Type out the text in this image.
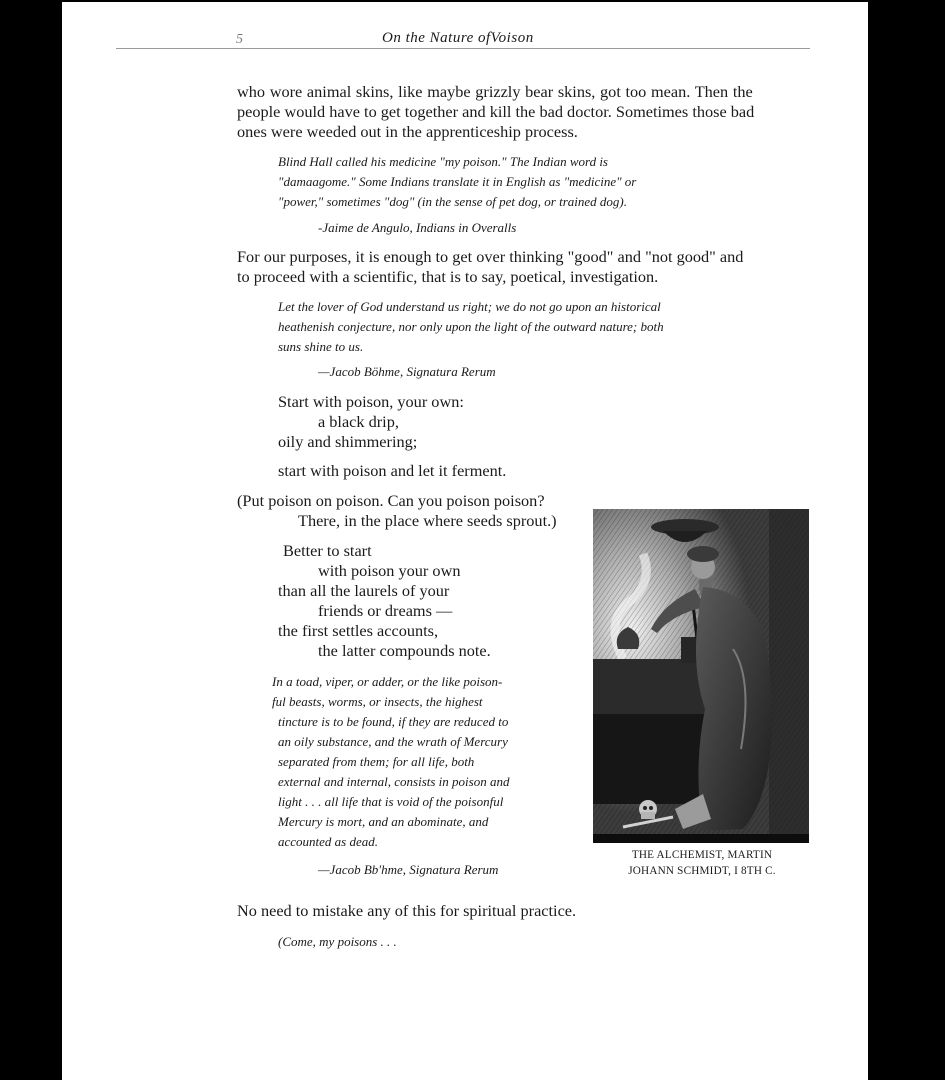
5	On the Nature ofVoison
who wore animal skins, like maybe grizzly bear skins, got too mean. Then the
people would have to get together and kill the bad doctor. Sometimes those bad
ones were weeded out in the apprenticeship process.
Blind Hall called his medicine "my poison." The Indian word is
"damaagome." Some Indians translate it in English as "medicine" or
"power," sometimes "dog" (in the sense of pet dog, or trained dog).
-Jaime de Angulo, Indians in Overalls
For our purposes, it is enough to get over thinking "good" and "not good" and
to proceed with a scientific, that is to say, poetical, investigation.
Let the lover of God understand us right; we do not go upon an historical
heathenish conjecture, nor only upon the light of the outward nature; both
suns shine to us.
—Jacob Böhme, Signatura Rerum
Start with poison, your own:
a black drip,
oily and shimmering;
start with poison and let it ferment.
(Put poison on poison. Can you poison poison?
There, in the place where seeds sprout.)
Better to start
with poison your own
than all the laurels of your
friends or dreams —
the first settles accounts,
the latter compounds note.
In a toad, viper, or adder, or the like poison-
ful beasts, worms, or insects, the highest
tincture is to be found, if they are reduced to
an oily substance, and the wrath of Mercury
separated from them; for all life, both
external and internal, consists in poison and
light . . . all life that is void of the poisonful
Mercury is mort, and an abominate, and
accounted as dead.
—Jacob Bb'hme, Signatura Rerum
THE ALCHEMIST, MARTIN
JOHANN SCHMIDT, I 8TH C.
No need to mistake any of this for spiritual practice.
(Come, my poisons . . .
